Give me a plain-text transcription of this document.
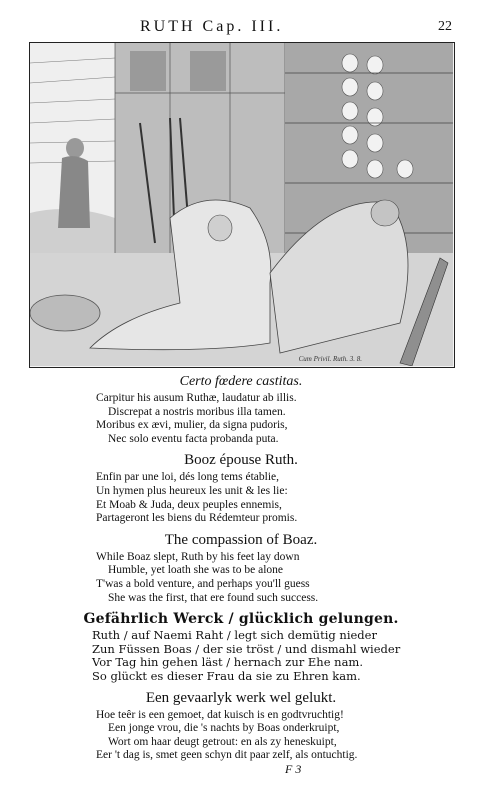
RUTH Cap. III.	22
Cum Privil. Ruth. 3. 8.
Certo fœdere castitas.
Carpitur his ausum Ruthæ, laudatur ab illis.
Discrepat a nostris moribus illa tamen.
Moribus ex ævi, mulier, da signa pudoris,
Nec solo eventu facta probanda puta.
Booz épouse Ruth.
Enfin par une loi, dés long tems établie,
Un hymen plus heureux les unit & les lie:
Et Moab & Juda, deux peuples ennemis,
Partageront les biens du Rédemteur promis.
The compassion of Boaz.
While Boaz slept, Ruth by his feet lay down
Humble, yet loath she was to be alone
T'was a bold venture, and perhaps you'll guess
She was the first, that ere found such success.
Gefährlich Werck / glücklich gelungen.
Ruth / auf Naemi Raht / legt sich demütig nieder
Zun Füssen Boas / der sie tröst / und dismahl wieder
Vor Tag hin gehen läst / hernach zur Ehe nam.
So glückt es dieser Frau da sie zu Ehren kam.
Een gevaarlyk werk wel gelukt.
Hoe teêr is een gemoet, dat kuisch is en godtvruchtig!
Een jonge vrou, die 's nachts by Boas onderkruipt,
Wort om haar deugt getrout: en als zy heneskuipt,
Eer 't dag is, smet geen schyn dit paar zelf, als ontuchtig.
F 3
